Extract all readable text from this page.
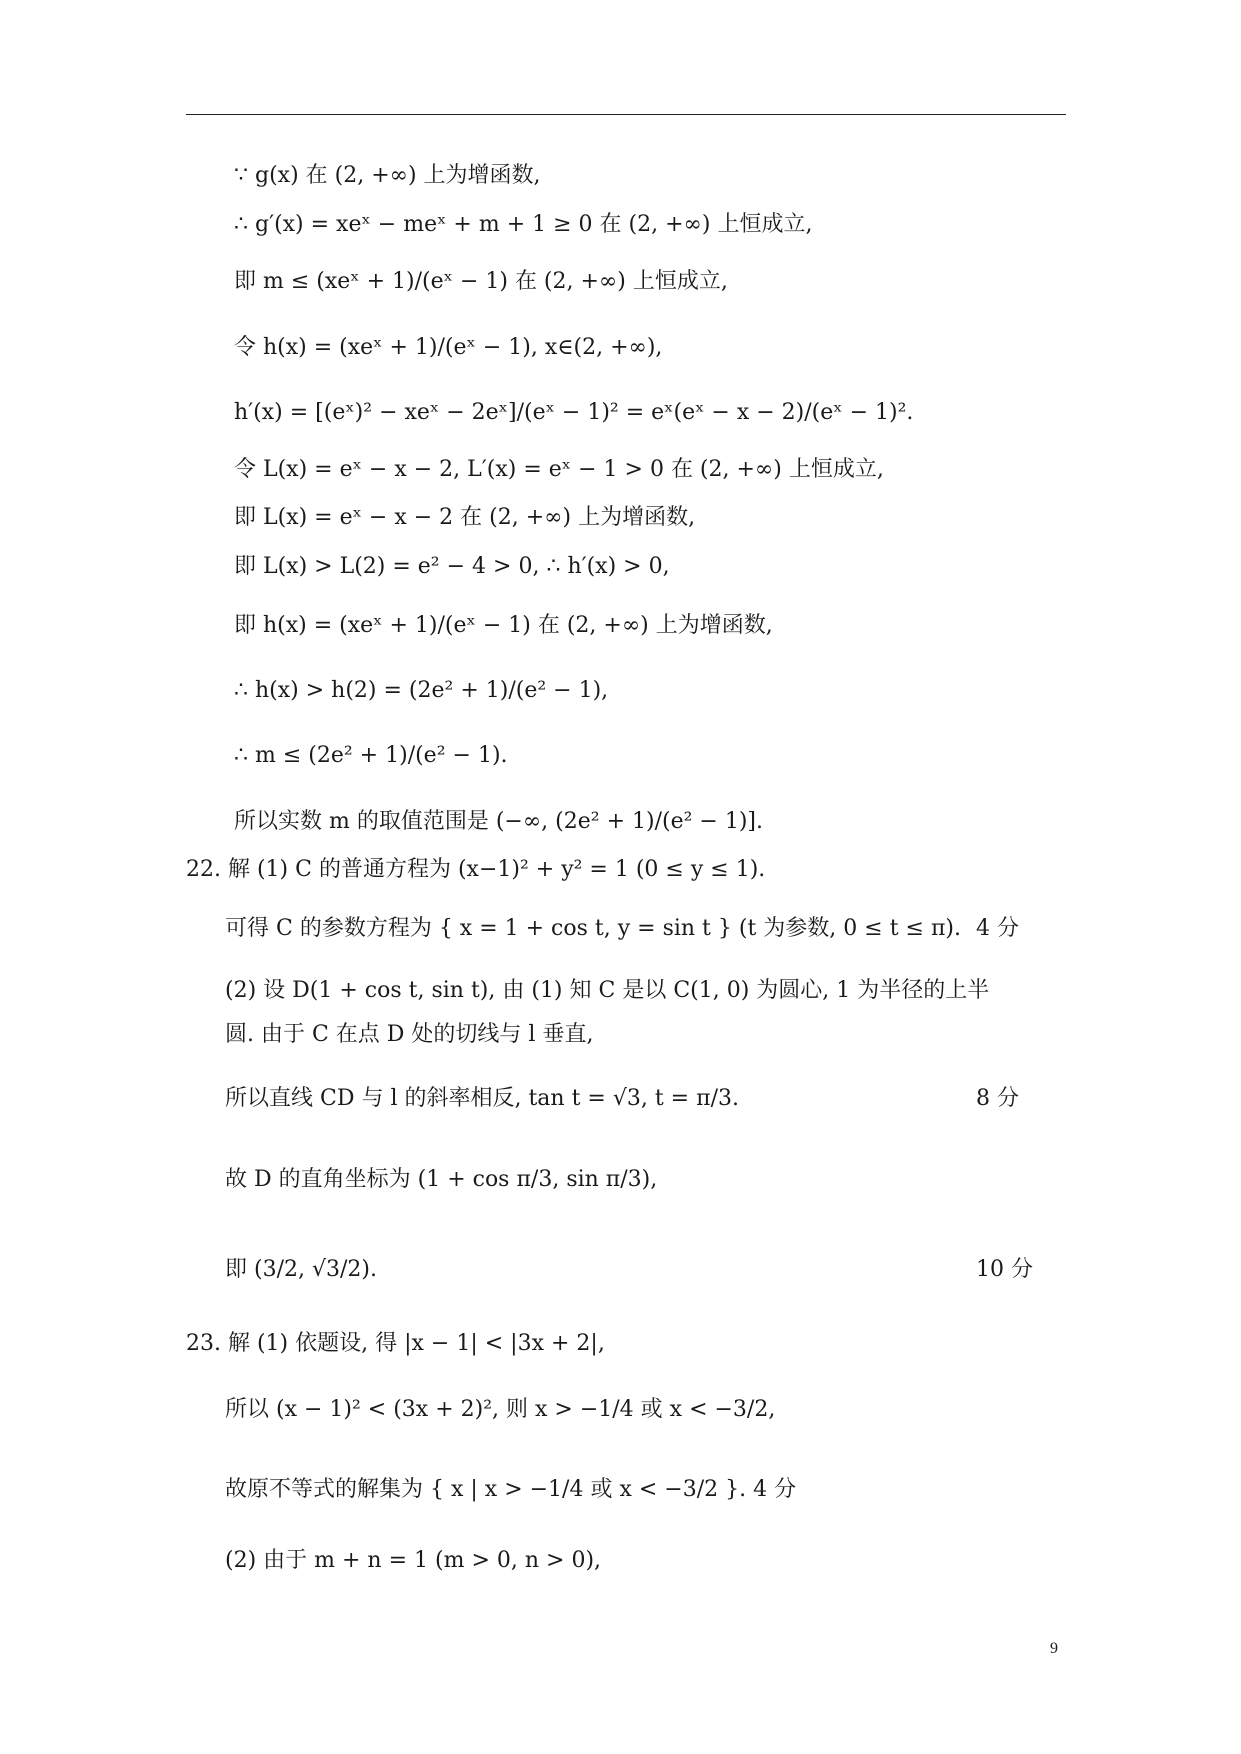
∵ g(x) 在 (2, +∞) 上为增函数,
∴ g′(x) = xeˣ − meˣ + m + 1 ≥ 0 在 (2, +∞) 上恒成立,
即 m ≤ (xeˣ + 1)/(eˣ − 1) 在 (2, +∞) 上恒成立,
令 h(x) = (xeˣ + 1)/(eˣ − 1), x∈(2, +∞),
h′(x) = [(eˣ)² − xeˣ − 2eˣ]/(eˣ − 1)² = eˣ(eˣ − x − 2)/(eˣ − 1)².
令 L(x) = eˣ − x − 2, L′(x) = eˣ − 1 > 0 在 (2, +∞) 上恒成立,
即 L(x) = eˣ − x − 2 在 (2, +∞) 上为增函数,
即 L(x) > L(2) = e² − 4 > 0, ∴ h′(x) > 0,
即 h(x) = (xeˣ + 1)/(eˣ − 1) 在 (2, +∞) 上为增函数,
∴ h(x) > h(2) = (2e² + 1)/(e² − 1),
∴ m ≤ (2e² + 1)/(e² − 1).
所以实数 m 的取值范围是 (−∞, (2e² + 1)/(e² − 1)].
22. 解 (1) C 的普通方程为 (x−1)² + y² = 1 (0 ≤ y ≤ 1).
可得 C 的参数方程为 { x = 1 + cos t, y = sin t } (t 为参数, 0 ≤ t ≤ π). 4 分
(2) 设 D(1 + cos t, sin t), 由 (1) 知 C 是以 C(1, 0) 为圆心, 1 为半径的上半
圆. 由于 C 在点 D 处的切线与 l 垂直,
所以直线 CD 与 l 的斜率相反, tan t = √3, t = π/3.	8 分
故 D 的直角坐标为 (1 + cos π/3, sin π/3),
即 (3/2, √3/2).	10 分
23. 解 (1) 依题设, 得 |x − 1| < |3x + 2|,
所以 (x − 1)² < (3x + 2)², 则 x > −1/4 或 x < −3/2,
故原不等式的解集为 { x | x > −1/4 或 x < −3/2 }. 4 分
(2) 由于 m + n = 1 (m > 0, n > 0),
9
